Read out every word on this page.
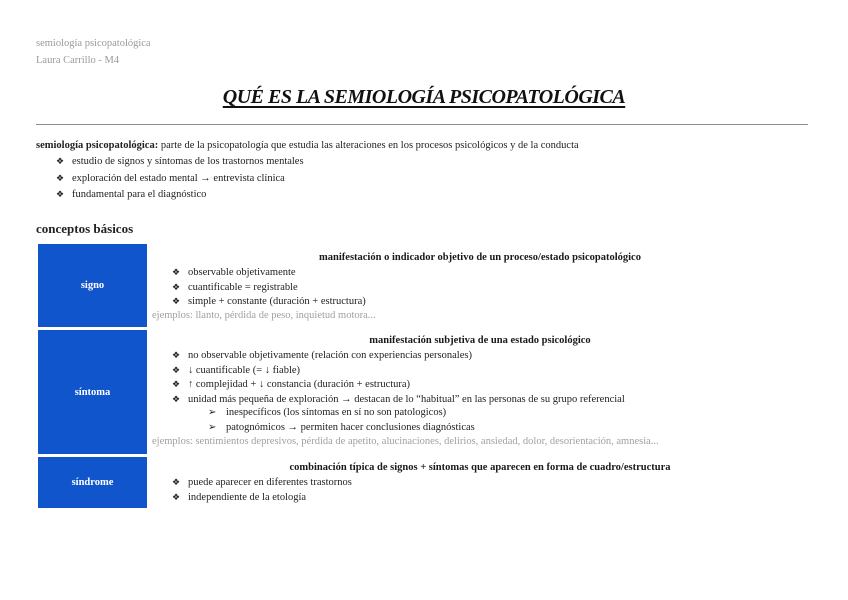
semiología psicopatológica
Laura Carrillo - M4
QUÉ ES LA SEMIOLOGÍA PSICOPATOLÓGICA
semiología psicopatológica: parte de la psicopatología que estudia las alteraciones en los procesos psicológicos y de la conducta
❖ estudio de signos y síntomas de los trastornos mentales
❖ exploración del estado mental → entrevista clínica
❖ fundamental para el diagnóstico
conceptos básicos
signo
manifestación o indicador objetivo de un proceso/estado psicopatológico
❖ observable objetivamente
❖ cuantificable = registrable
❖ simple + constante (duración + estructura)
ejemplos: llanto, pérdida de peso, inquietud motora...
síntoma
manifestación subjetiva de una estado psicológico
❖ no observable objetivamente (relación con experiencias personales)
❖ ↓ cuantificable (= ↓ fiable)
❖ ↑ complejidad + ↓ constancia (duración + estructura)
❖ unidad más pequeña de exploración → destacan de lo “habitual” en las personas de su grupo referencial
➢ inespecíficos (los síntomas en sí no son patologicos)
➢ patognómicos → permiten hacer conclusiones diagnósticas
ejemplos: sentimientos depresivos, pérdida de apetito, alucinaciones, delirios, ansiedad, dolor, desorientación, amnesia...
síndrome
combinación típica de signos + síntomas que aparecen en forma de cuadro/estructura
❖ puede aparecer en diferentes trastornos
❖ independiente de la etología
